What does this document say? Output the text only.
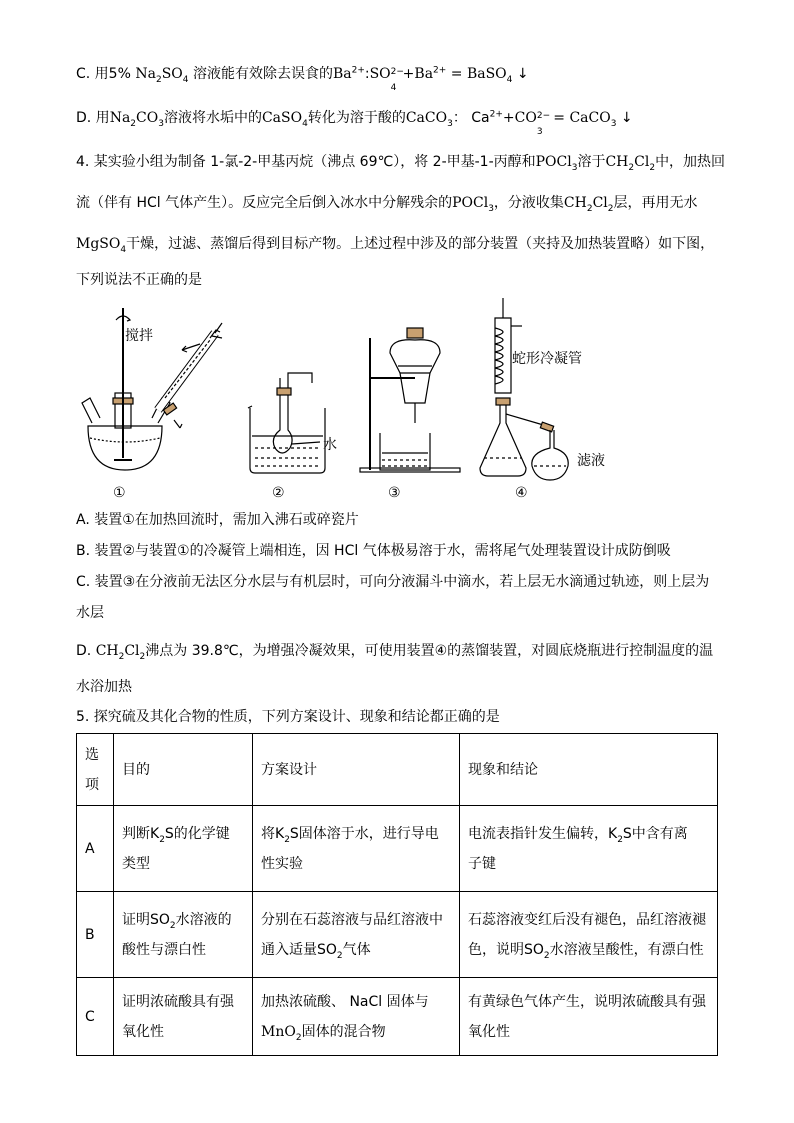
C. 用5% $Na_2SO_4$ 溶液能有效除去误食的$Ba^{2+}:SO$ 2−
4
$+Ba^{2+}$ = BaSO$_4$ ↓
D. 用$Na_2CO_3$溶液将水垢中的CaSO$_4$转化为溶于酸的CaCO$_3$： $Ca^{2+}+CO$ 2−
3
= CaCO$_3$ ↓
4. 某实验小组为制备 1-氯-2-甲基丙烷（沸点 69℃），将 2-甲基-1-丙醇和POCl$_3$溶于$CH_2Cl_2$中，加热回
流（伴有 HCl 气体产生）。反应完全后倒入冰水中分解残余的POCl$_3$，分液收集$CH_2Cl_2$层，再用无水
MgSO$_4$干燥，过滤、蒸馏后得到目标产物。上述过程中涉及的部分装置（夹持及加热装置略）如下图，
下列说法不正确的是
搅拌
水
蛇形冷凝管
滤液
①	②	③	④
A. 装置①在加热回流时，需加入沸石或碎瓷片
B. 装置②与装置①的冷凝管上端相连，因 HCl 气体极易溶于水，需将尾气处理装置设计成防倒吸
C. 装置③在分液前无法区分水层与有机层时，可向分液漏斗中滴水，若上层无水滴通过轨迹，则上层为
水层
D. $CH_2Cl_2$沸点为 39.8℃，为增强冷凝效果，可使用装置④的蒸馏装置，对圆底烧瓶进行控制温度的温
水浴加热
5. 探究硫及其化合物的性质，下列方案设计、现象和结论都正确的是
选
项	目的	方案设计	现象和结论
A	判断$K_2S$的化学键
类型	将$K_2S$固体溶于水，进行导电
性实验	电流表指针发生偏转，$K_2S$中含有离
子键
B	证明$SO_2$水溶液的
酸性与漂白性	分别在石蕊溶液与品红溶液中
通入适量$SO_2$气体	石蕊溶液变红后没有褪色，品红溶液褪
色，说明$SO_2$水溶液呈酸性，有漂白性
C	证明浓硫酸具有强
氧化性	加热浓硫酸、 NaCl 固体与
MnO$_2$固体的混合物	有黄绿色气体产生，说明浓硫酸具有强
氧化性
